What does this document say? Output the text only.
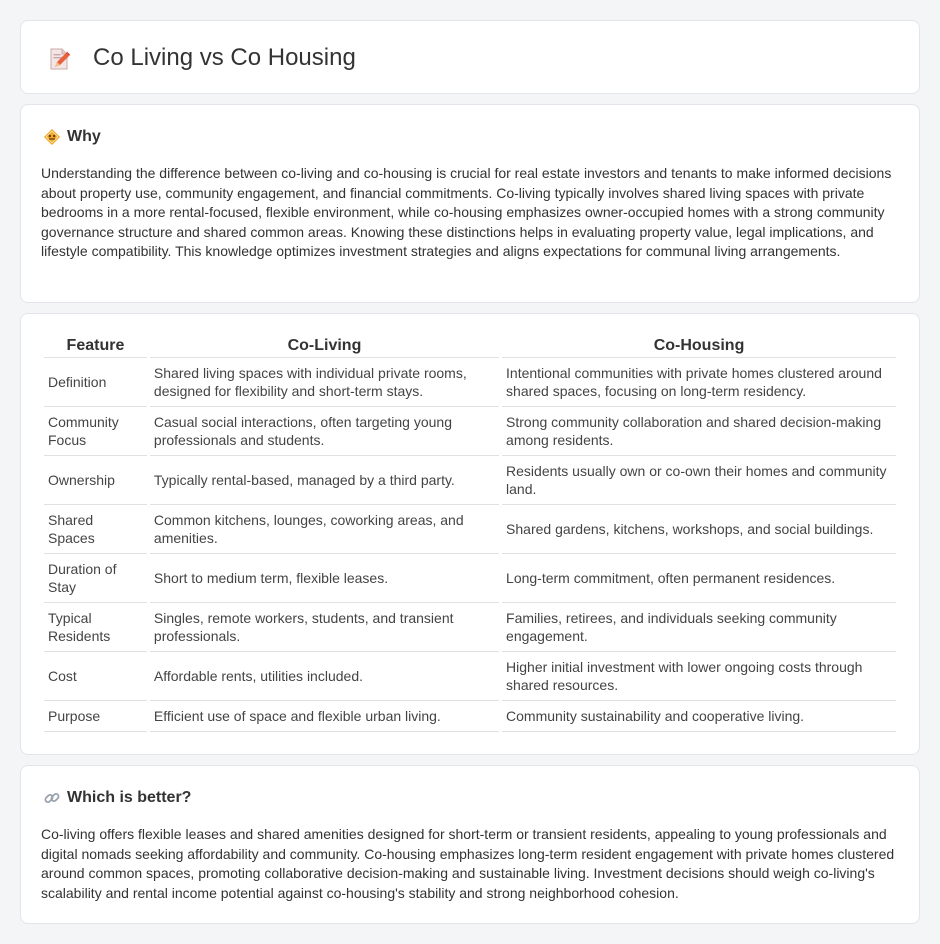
Co Living vs Co Housing
Why

Understanding the difference between co-living and co-housing is crucial for real estate investors and tenants to make informed decisions about property use, community engagement, and financial commitments. Co-living typically involves shared living spaces with private bedrooms in a more rental-focused, flexible environment, while co-housing emphasizes owner-occupied homes with a strong community governance structure and shared common areas. Knowing these distinctions helps in evaluating property value, legal implications, and lifestyle compatibility. This knowledge optimizes investment strategies and aligns expectations for communal living arrangements.

Feature	Co-Living	Co-Housing
Definition	Shared living spaces with individual private rooms, designed for flexibility and short-term stays.	Intentional communities with private homes clustered around shared spaces, focusing on long-term residency.
Community Focus	Casual social interactions, often targeting young professionals and students.	Strong community collaboration and shared decision-making among residents.
Ownership	Typically rental-based, managed by a third party.	Residents usually own or co-own their homes and community land.
Shared Spaces	Common kitchens, lounges, coworking areas, and amenities.	Shared gardens, kitchens, workshops, and social buildings.
Duration of Stay	Short to medium term, flexible leases.	Long-term commitment, often permanent residences.
Typical Residents	Singles, remote workers, students, and transient professionals.	Families, retirees, and individuals seeking community engagement.
Cost	Affordable rents, utilities included.	Higher initial investment with lower ongoing costs through shared resources.
Purpose	Efficient use of space and flexible urban living.	Community sustainability and cooperative living.
Which is better?

Co-living offers flexible leases and shared amenities designed for short-term or transient residents, appealing to young professionals and digital nomads seeking affordability and community. Co-housing emphasizes long-term resident engagement with private homes clustered around common spaces, promoting collaborative decision-making and sustainable living. Investment decisions should weigh co-living's scalability and rental income potential against co-housing's stability and strong neighborhood cohesion.
